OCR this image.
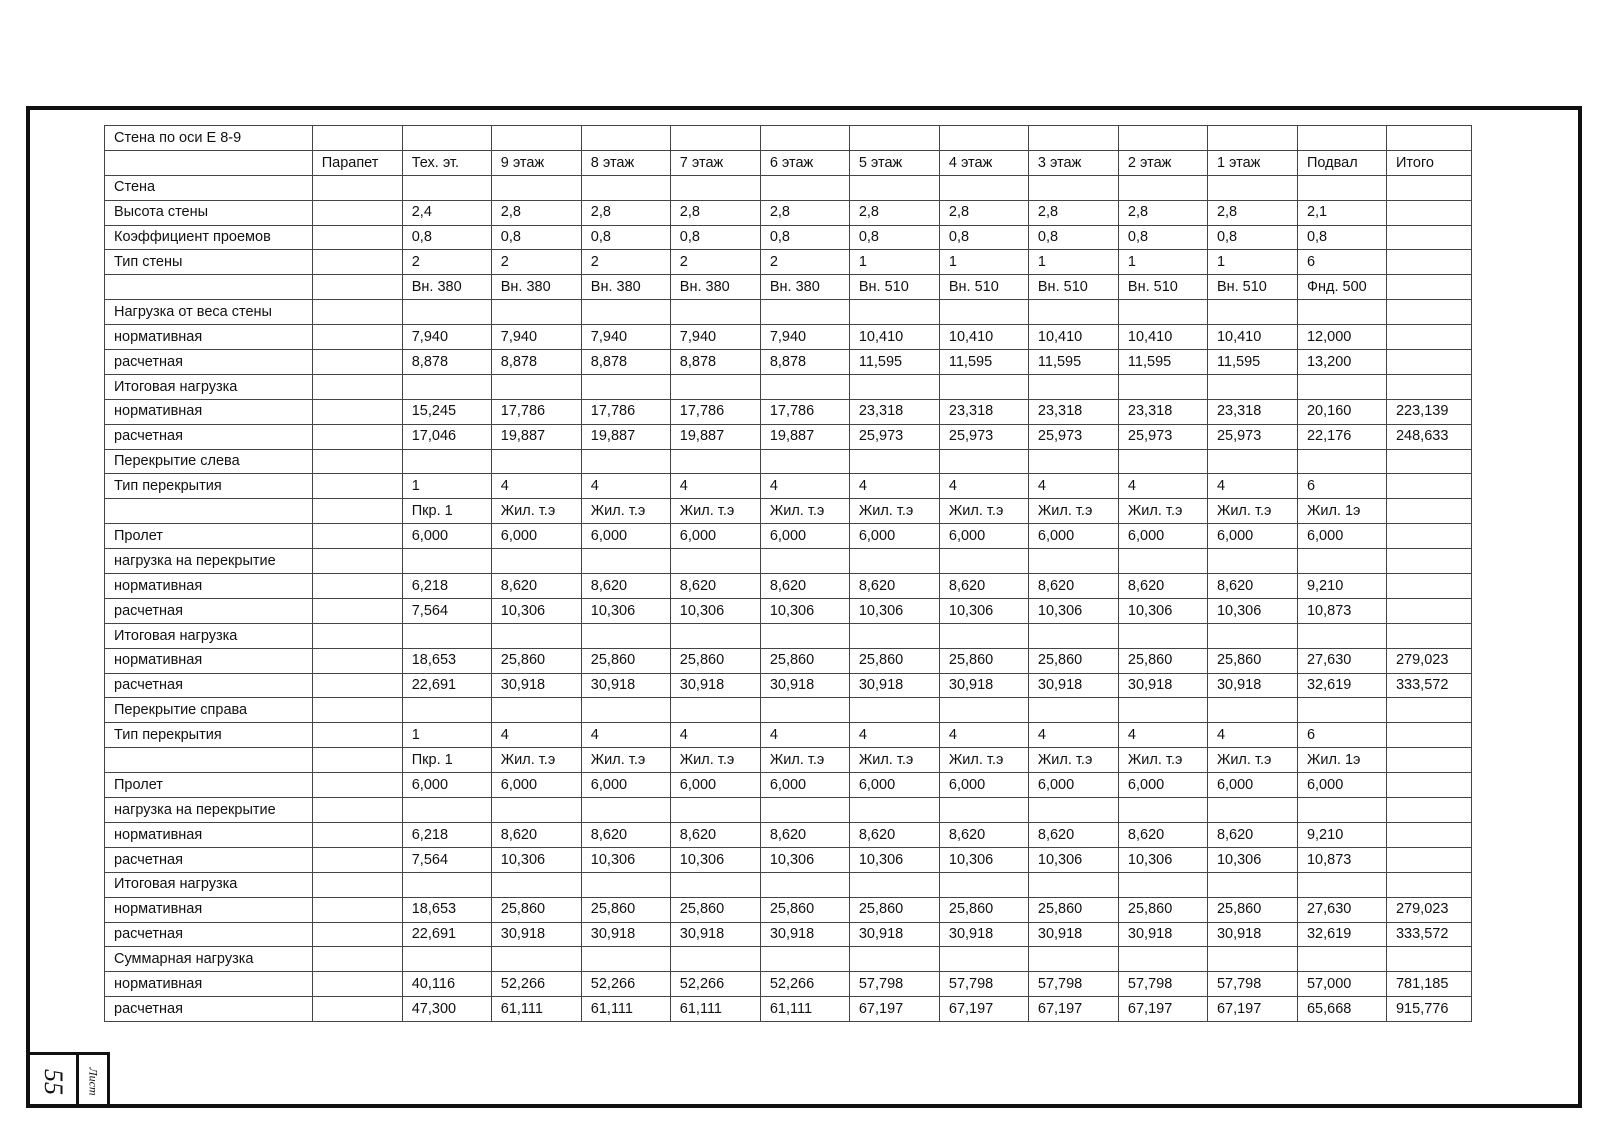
Стена по оси Е 8-9													
	Парапет	Тех. эт.	9 этаж	8 этаж	7 этаж	6 этаж	5 этаж	4 этаж	3 этаж	2 этаж	1 этаж	Подвал	Итого
Стена													
Высота стены		2,4	2,8	2,8	2,8	2,8	2,8	2,8	2,8	2,8	2,8	2,1	
Коэффициент проемов		0,8	0,8	0,8	0,8	0,8	0,8	0,8	0,8	0,8	0,8	0,8	
Тип стены		2	2	2	2	2	1	1	1	1	1	6	
		Вн. 380	Вн. 380	Вн. 380	Вн. 380	Вн. 380	Вн. 510	Вн. 510	Вн. 510	Вн. 510	Вн. 510	Фнд. 500	
Нагрузка от веса стены													
нормативная		7,940	7,940	7,940	7,940	7,940	10,410	10,410	10,410	10,410	10,410	12,000	
расчетная		8,878	8,878	8,878	8,878	8,878	11,595	11,595	11,595	11,595	11,595	13,200	
Итоговая нагрузка													
нормативная		15,245	17,786	17,786	17,786	17,786	23,318	23,318	23,318	23,318	23,318	20,160	223,139
расчетная		17,046	19,887	19,887	19,887	19,887	25,973	25,973	25,973	25,973	25,973	22,176	248,633
Перекрытие слева													
Тип перекрытия		1	4	4	4	4	4	4	4	4	4	6	
		Пкр. 1	Жил. т.э	Жил. т.э	Жил. т.э	Жил. т.э	Жил. т.э	Жил. т.э	Жил. т.э	Жил. т.э	Жил. т.э	Жил. 1э	
Пролет		6,000	6,000	6,000	6,000	6,000	6,000	6,000	6,000	6,000	6,000	6,000	
нагрузка на перекрытие													
нормативная		6,218	8,620	8,620	8,620	8,620	8,620	8,620	8,620	8,620	8,620	9,210	
расчетная		7,564	10,306	10,306	10,306	10,306	10,306	10,306	10,306	10,306	10,306	10,873	
Итоговая нагрузка													
нормативная		18,653	25,860	25,860	25,860	25,860	25,860	25,860	25,860	25,860	25,860	27,630	279,023
расчетная		22,691	30,918	30,918	30,918	30,918	30,918	30,918	30,918	30,918	30,918	32,619	333,572
Перекрытие справа													
Тип перекрытия		1	4	4	4	4	4	4	4	4	4	6	
		Пкр. 1	Жил. т.э	Жил. т.э	Жил. т.э	Жил. т.э	Жил. т.э	Жил. т.э	Жил. т.э	Жил. т.э	Жил. т.э	Жил. 1э	
Пролет		6,000	6,000	6,000	6,000	6,000	6,000	6,000	6,000	6,000	6,000	6,000	
нагрузка на перекрытие													
нормативная		6,218	8,620	8,620	8,620	8,620	8,620	8,620	8,620	8,620	8,620	9,210	
расчетная		7,564	10,306	10,306	10,306	10,306	10,306	10,306	10,306	10,306	10,306	10,873	
Итоговая нагрузка													
нормативная		18,653	25,860	25,860	25,860	25,860	25,860	25,860	25,860	25,860	25,860	27,630	279,023
расчетная		22,691	30,918	30,918	30,918	30,918	30,918	30,918	30,918	30,918	30,918	32,619	333,572
Суммарная нагрузка													
нормативная		40,116	52,266	52,266	52,266	52,266	57,798	57,798	57,798	57,798	57,798	57,000	781,185
расчетная		47,300	61,111	61,111	61,111	61,111	67,197	67,197	67,197	67,197	67,197	65,668	915,776
55 Лист
